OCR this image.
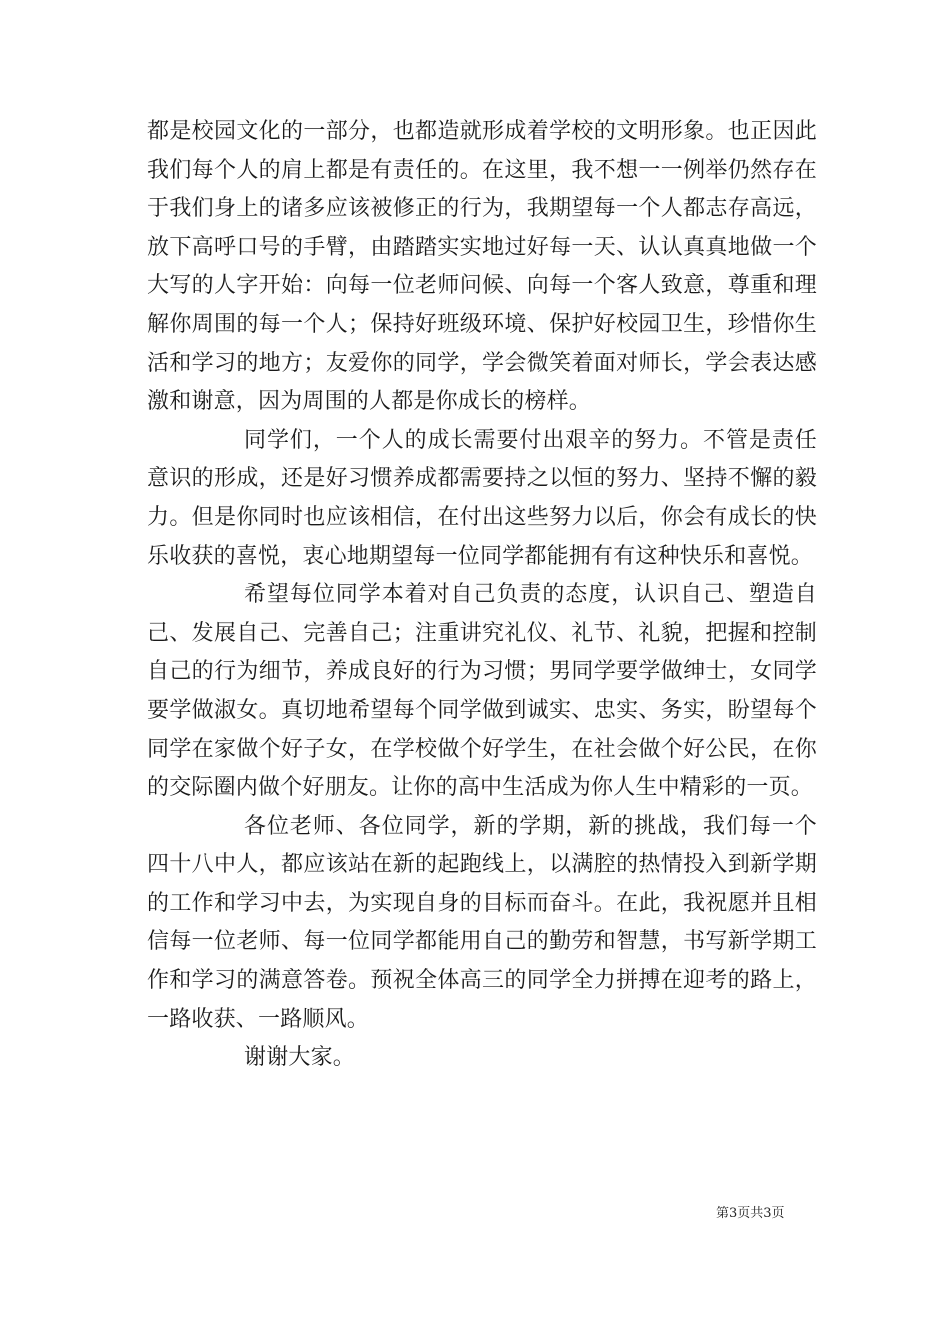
都是校园文化的一部分，也都造就形成着学校的文明形象。也正因此我们每个人的肩上都是有责任的。在这里，我不想一一例举仍然存在于我们身上的诸多应该被修正的行为，我期望每一个人都志存高远，放下高呼口号的手臂，由踏踏实实地过好每一天、认认真真地做一个大写的人字开始：向每一位老师问候、向每一个客人致意，尊重和理解你周围的每一个人；保持好班级环境、保护好校园卫生，珍惜你生活和学习的地方；友爱你的同学，学会微笑着面对师长，学会表达感激和谢意，因为周围的人都是你成长的榜样。

同学们，一个人的成长需要付出艰辛的努力。不管是责任意识的形成，还是好习惯养成都需要持之以恒的努力、坚持不懈的毅力。但是你同时也应该相信，在付出这些努力以后，你会有成长的快乐收获的喜悦，衷心地期望每一位同学都能拥有有这种快乐和喜悦。

希望每位同学本着对自己负责的态度，认识自己、塑造自己、发展自己、完善自己；注重讲究礼仪、礼节、礼貌，把握和控制自己的行为细节，养成良好的行为习惯；男同学要学做绅士，女同学要学做淑女。真切地希望每个同学做到诚实、忠实、务实，盼望每个同学在家做个好子女，在学校做个好学生，在社会做个好公民，在你的交际圈内做个好朋友。让你的高中生活成为你人生中精彩的一页。

各位老师、各位同学，新的学期，新的挑战，我们每一个四十八中人，都应该站在新的起跑线上，以满腔的热情投入到新学期的工作和学习中去，为实现自身的目标而奋斗。在此，我祝愿并且相信每一位老师、每一位同学都能用自己的勤劳和智慧，书写新学期工作和学习的满意答卷。预祝全体高三的同学全力拼搏在迎考的路上，一路收获、一路顺风。

谢谢大家。

第3页共3页
